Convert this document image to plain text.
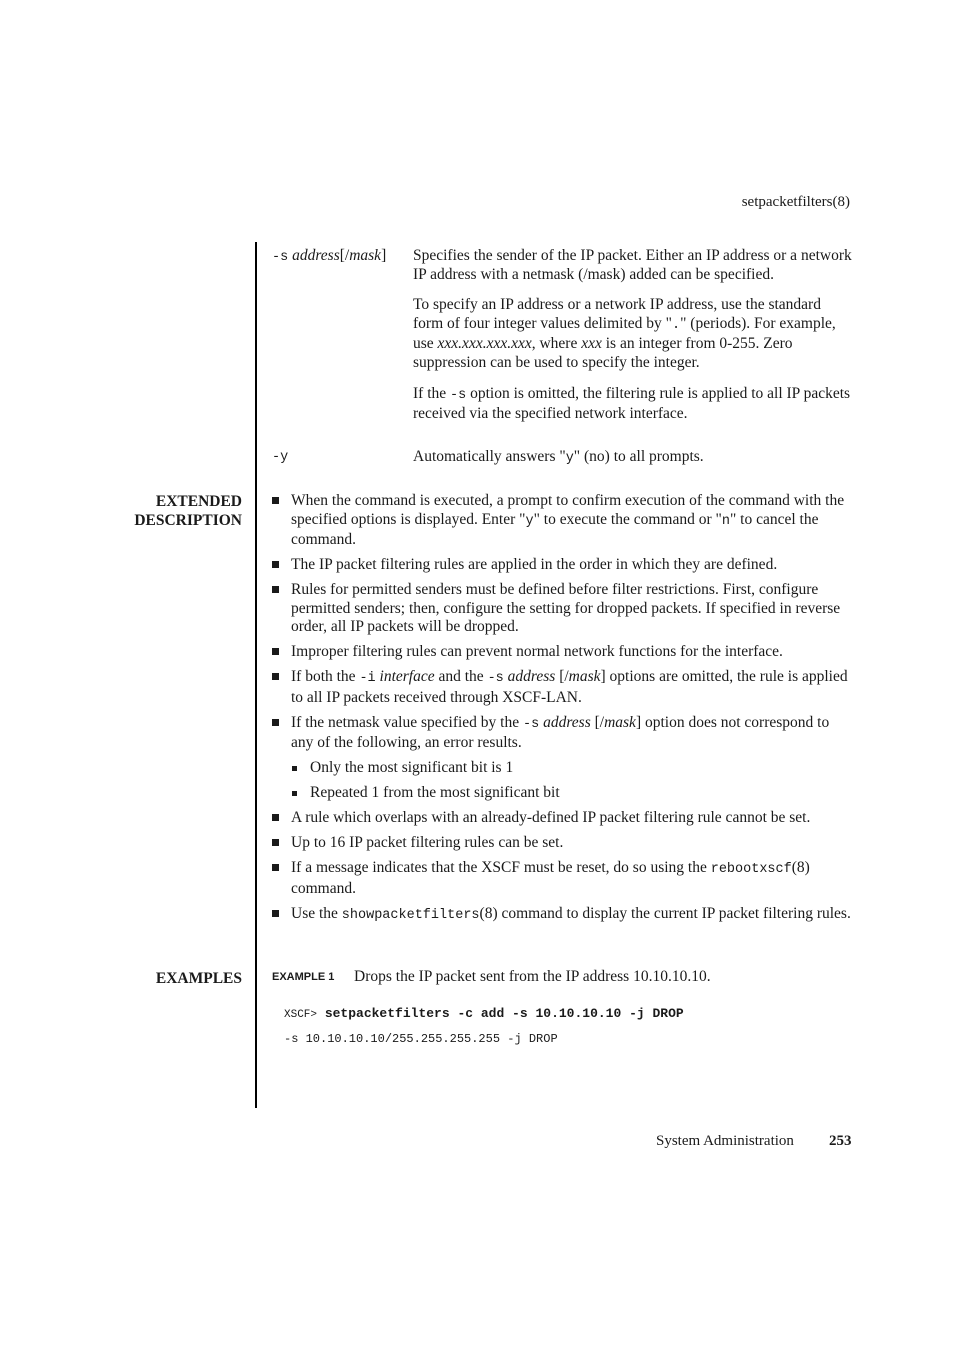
setpacketfilters(8)
-s address[/mask]	Specifies the sender of the IP packet. Either an IP address or a network IP address with a netmask (/mask) added can be specified.

To specify an IP address or a network IP address, use the standard form of four integer values delimited by "." (periods). For example, use xxx.xxx.xxx.xxx, where xxx is an integer from 0-255. Zero suppression can be used to specify the integer.

If the -s option is omitted, the filtering rule is applied to all IP packets received via the specified network interface.

-y	Automatically answers "y" (no) to all prompts.
EXTENDED
DESCRIPTION
When the command is executed, a prompt to confirm execution of the command with the specified options is displayed. Enter "y" to execute the command or "n" to cancel the command.
The IP packet filtering rules are applied in the order in which they are defined.
Rules for permitted senders must be defined before filter restrictions. First, configure permitted senders; then, configure the setting for dropped packets. If specified in reverse order, all IP packets will be dropped.
Improper filtering rules can prevent normal network functions for the interface.
If both the -i interface and the -s address [/mask] options are omitted, the rule is applied to all IP packets received through XSCF-LAN.
If the netmask value specified by the -s address [/mask] option does not correspond to any of the following, an error results.
Only the most significant bit is 1
Repeated 1 from the most significant bit
A rule which overlaps with an already-defined IP packet filtering rule cannot be set.
Up to 16 IP packet filtering rules can be set.
If a message indicates that the XSCF must be reset, do so using the rebootxscf(8) command.
Use the showpacketfilters(8) command to display the current IP packet filtering rules.
EXAMPLES	EXAMPLE 1 Drops the IP packet sent from the IP address 10.10.10.10.
XSCF> setpacketfilters -c add -s 10.10.10.10 -j DROP
-s 10.10.10.10/255.255.255.255 -j DROP
System Administration 253
